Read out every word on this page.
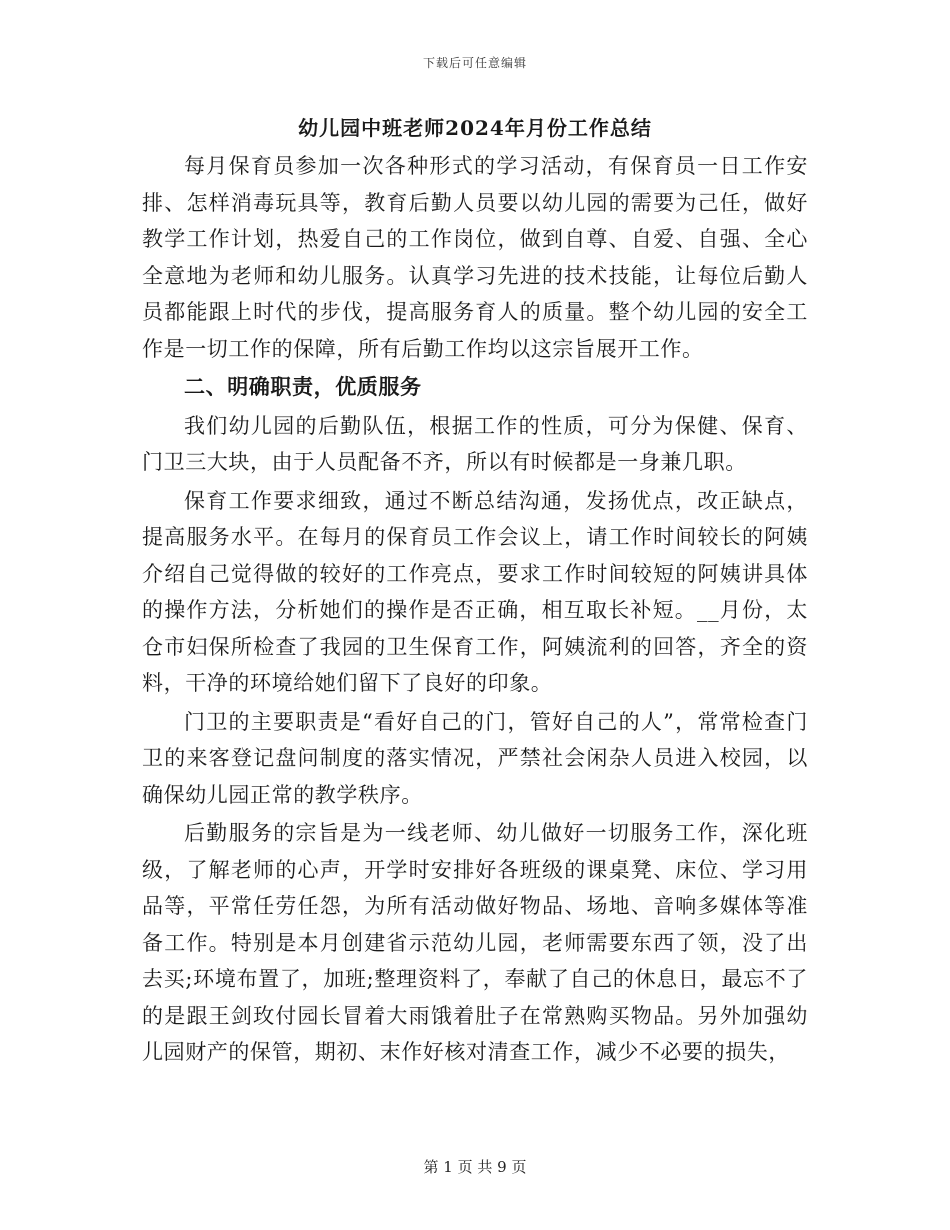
下载后可任意编辑
幼儿园中班老师2024年月份工作总结

每月保育员参加一次各种形式的学习活动，有保育员一日工作安排、怎样消毒玩具等，教育后勤人员要以幼儿园的需要为己任，做好教学工作计划，热爱自己的工作岗位，做到自尊、自爱、自强、全心全意地为老师和幼儿服务。认真学习先进的技术技能，让每位后勤人员都能跟上时代的步伐，提高服务育人的质量。整个幼儿园的安全工作是一切工作的保障，所有后勤工作均以这宗旨展开工作。

二、明确职责，优质服务

我们幼儿园的后勤队伍，根据工作的性质，可分为保健、保育、门卫三大块，由于人员配备不齐，所以有时候都是一身兼几职。

保育工作要求细致，通过不断总结沟通，发扬优点，改正缺点，提高服务水平。在每月的保育员工作会议上，请工作时间较长的阿姨介绍自己觉得做的较好的工作亮点，要求工作时间较短的阿姨讲具体的操作方法，分析她们的操作是否正确，相互取长补短。__月份，太仓市妇保所检查了我园的卫生保育工作，阿姨流利的回答，齐全的资料，干净的环境给她们留下了良好的印象。

门卫的主要职责是“看好自己的门，管好自己的人”，常常检查门卫的来客登记盘问制度的落实情况，严禁社会闲杂人员进入校园，以确保幼儿园正常的教学秩序。

后勤服务的宗旨是为一线老师、幼儿做好一切服务工作，深化班级，了解老师的心声，开学时安排好各班级的课桌凳、床位、学习用品等，平常任劳任怨，为所有活动做好物品、场地、音响多媒体等准备工作。特别是本月创建省示范幼儿园，老师需要东西了领，没了出去买;环境布置了，加班;整理资料了，奉献了自己的休息日，最忘不了的是跟王剑玫付园长冒着大雨饿着肚子在常熟购买物品。另外加强幼儿园财产的保管，期初、末作好核对清查工作，减少不必要的损失，

第 1 页 共 9 页
